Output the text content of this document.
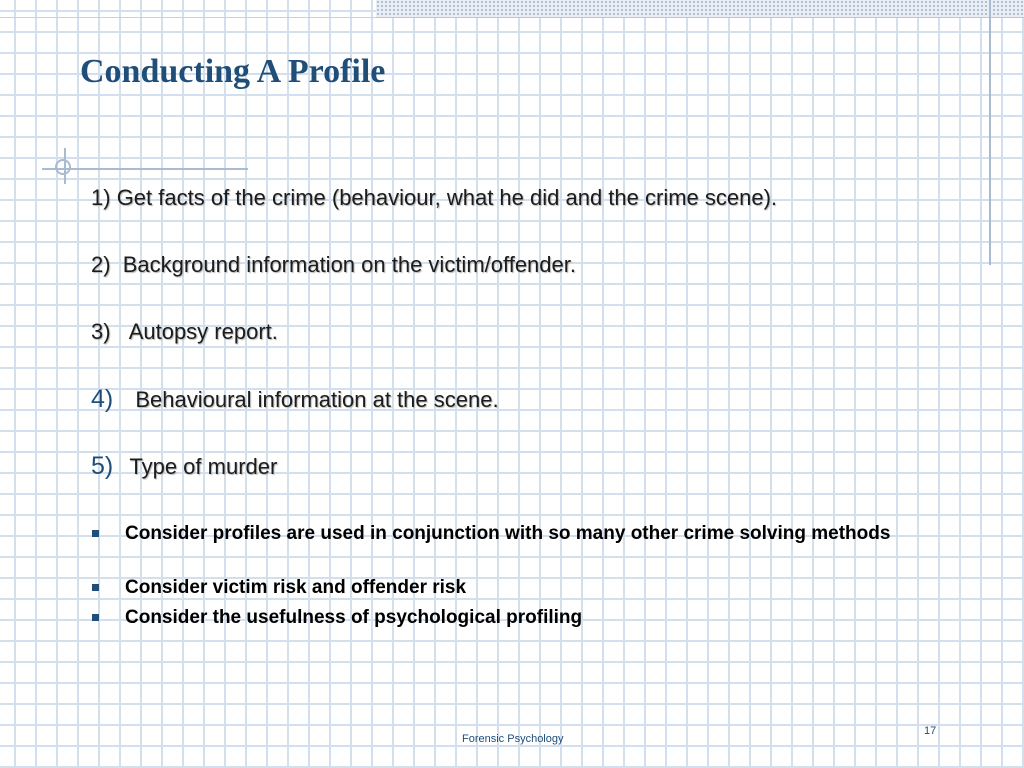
Conducting A Profile
1) Get facts of the crime (behaviour, what he did and the crime scene).
2) Background information on the victim/offender.
3) Autopsy report.
4) Behavioural information at the scene.
5) Type of murder
Consider profiles are used in conjunction with so many other crime solving methods
Consider victim risk and offender risk
Consider the usefulness of psychological profiling
Forensic Psychology
17
